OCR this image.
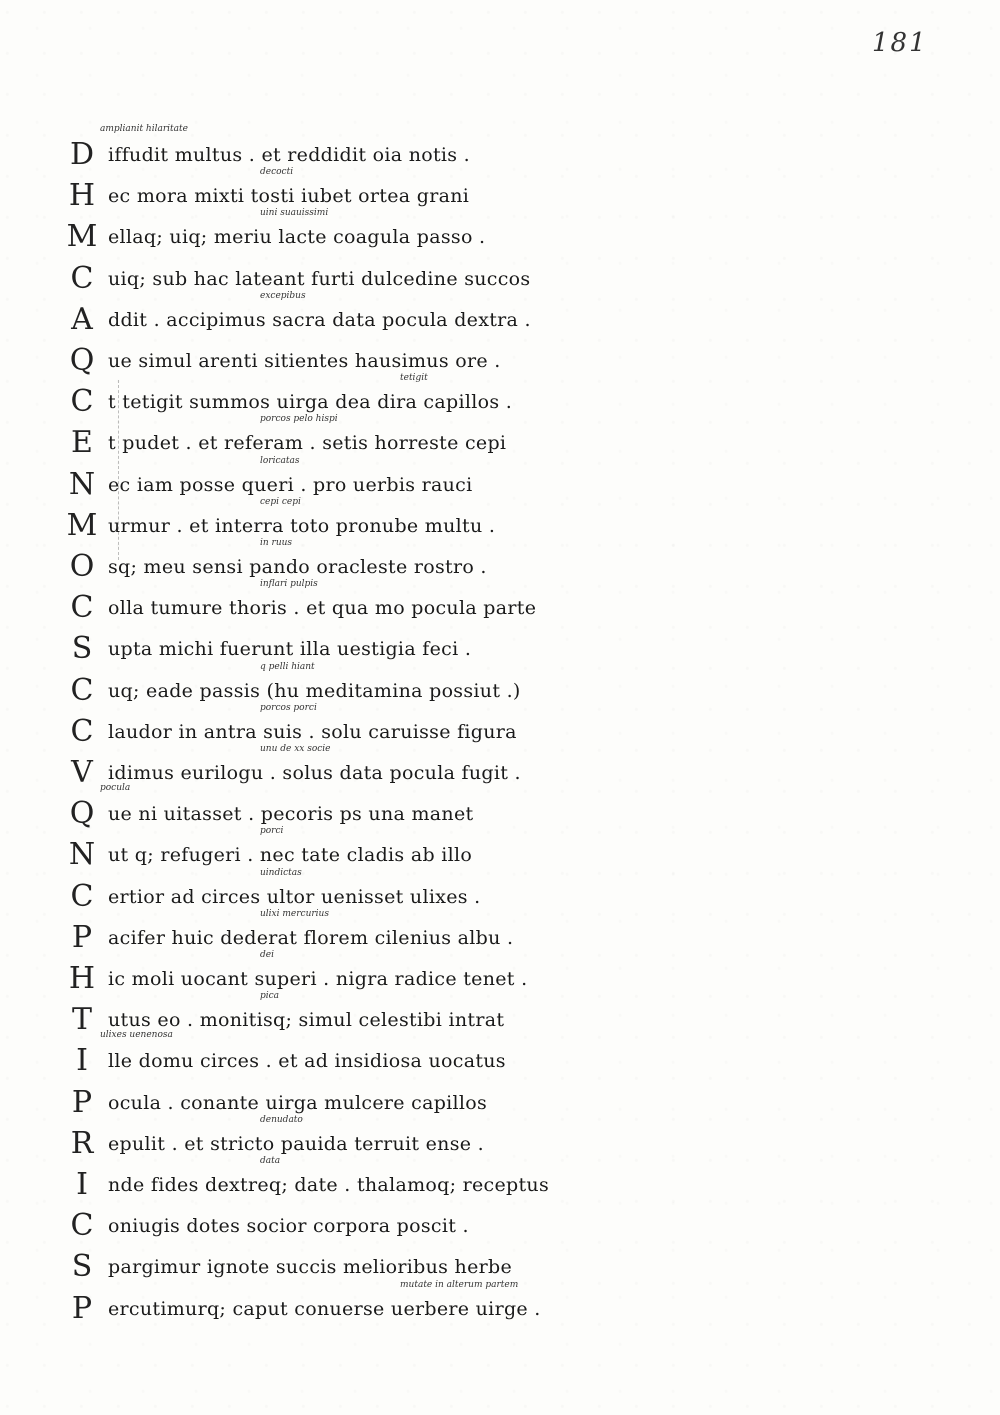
181
D iffudit multus . et reddidit oia notis .
amplianit hilaritate
H ec mora mixti tosti iubet ortea grani
decocti
M ellaq; uiq; meriu lacte coagula passo .
uini suauissimi
C uiq; sub hac lateant furti dulcedine succos
A ddit . accipimus sacra data pocula dextra .
excepibus
Q ue simul arenti sitientes hausimus ore .
C t tetigit summos uirga dea dira capillos .
tetigit
E t pudet . et referam . setis horreste cepi
porcos pelo hispi
N ec iam posse queri . pro uerbis rauci
loricatas
M urmur . et interra toto pronube multu .
cepi cepi
O sq; meu sensi pando oracleste rostro .
in ruus
C olla tumure thoris . et qua mo pocula parte
inflari pulpis
S upta michi fuerunt illa uestigia feci .
C uq; eade passis (hu meditamina possiut .)
q pelli hiant
C laudor in antra suis . solu caruisse figura
porcos porci
V idimus eurilogu . solus data pocula fugit .
unu de xx socie
Q ue ni uitasset . pecoris ps una manet
pocula
N ut q; refugeri . nec tate cladis ab illo
porci
C ertior ad circes ultor uenisset ulixes .
uindictas
P acifer huic dederat florem cilenius albu .
ulixi mercurius
H ic moli uocant superi . nigra radice tenet .
dei
T utus eo . monitisq; simul celestibi intrat
pica
I	lle domu circes . et ad insidiosa uocatus
ulixes uenenosa
P ocula . conante uirga mulcere capillos
R epulit . et stricto pauida terruit ense .
denudato
I	nde fides dextreq; date . thalamoq; receptus
data
C oniugis dotes socior corpora poscit .
S pargimur ignote succis melioribus herbe
P ercutimurq; caput conuerse uerbere uirge .
mutate in alterum partem
